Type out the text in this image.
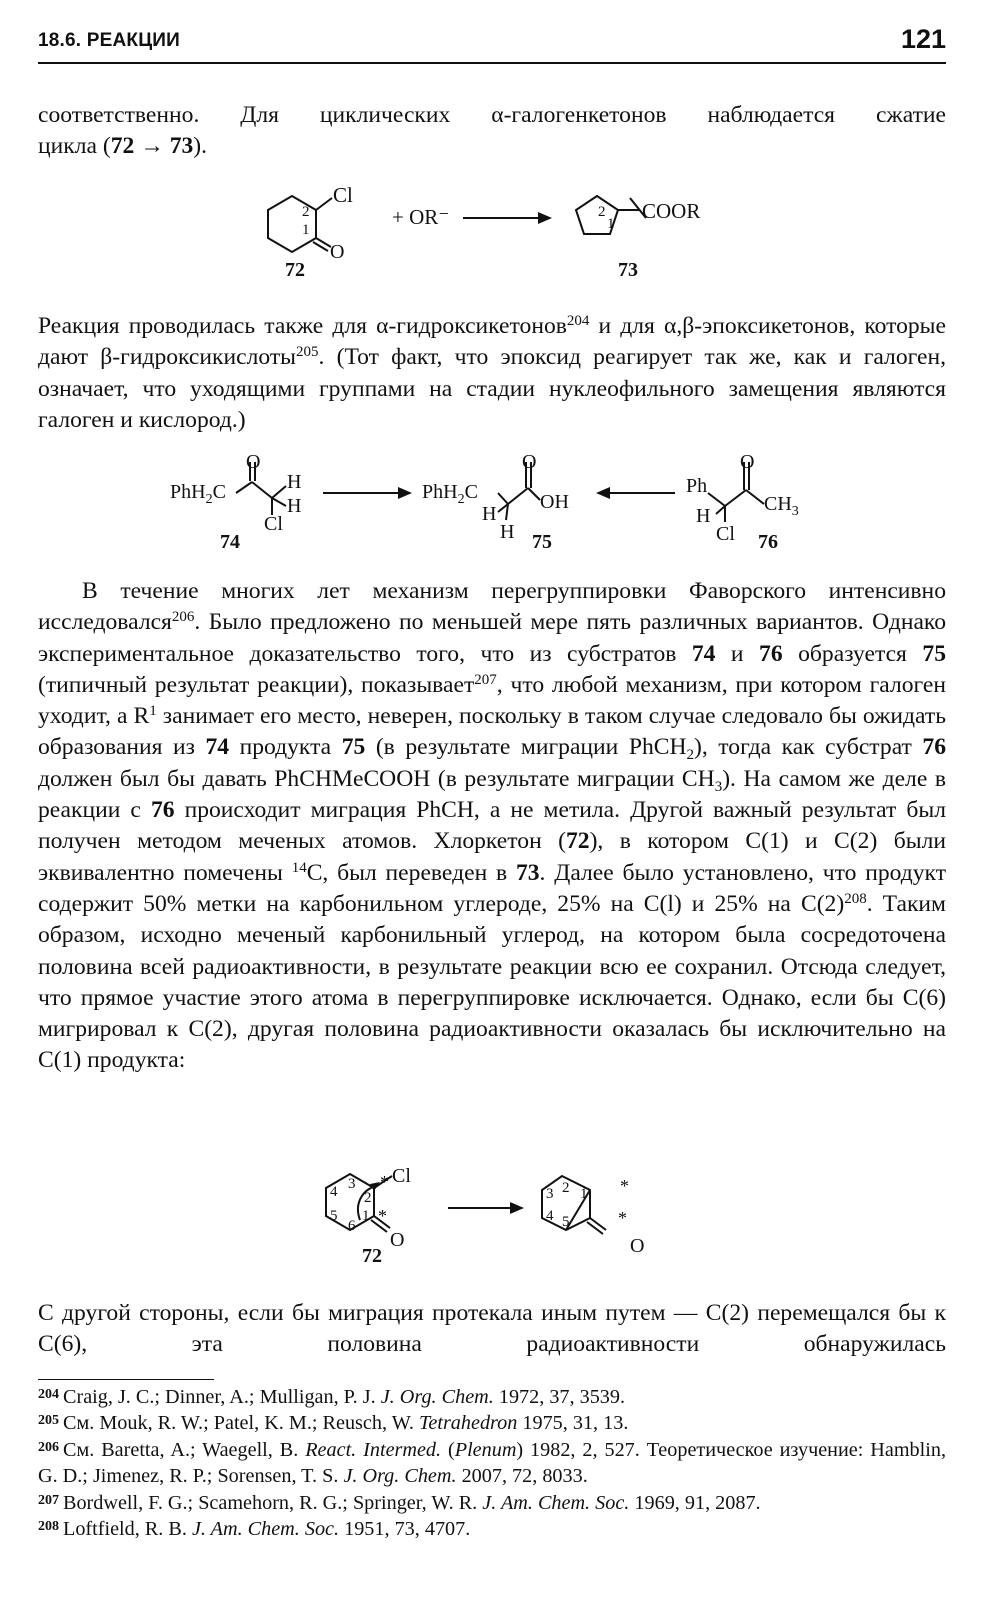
18.6. РЕАКЦИИ	121

соответственно. Для циклических α-галогенкетонов наблюдается сжатие

цикла (72 → 73).

Cl
2
1
O
+ OR⁻
72
2
1
COOR
73

Реакция проводилась также для α-гидроксикетонов$^{204}$ и для α,β-эпоксикетонов, которые дают β-гидроксикислоты$^{205}$. (Тот факт, что эпоксид реагирует так же, как и галоген, означает, что уходящими группами на стадии нуклеофильного замещения являются галоген и кислород.)

O
PhH$_2$C	H
H
Cl
74
O
PhH$_2$C	OH
H
H 75
O
Ph
$CH_3$
H
Cl 76

В течение многих лет механизм перегруппировки Фаворского интенсивно исследовался$^{206}$. Было предложено по меньшей мере пять различных вариантов. Однако экспериментальное доказательство того, что из субстратов 74 и 76 образуется 75 (типичный результат реакции), показывает$^{207}$, что любой механизм, при котором галоген уходит, а $R^1$ занимает его место, неверен, поскольку в таком случае следовало бы ожидать образования из 74 продукта 75 (в результате миграции PhCH$_2$), тогда как субстрат 76 должен был бы давать PhCHMeCOOH (в результате миграции $CH_3$). На самом же деле в реакции с 76 происходит миграция PhCH, а не метила. Другой важный результат был получен методом меченых атомов. Хлоркетон (72), в котором C(1) и C(2) были эквивалентно помечены $^{14}$C, был переведен в 73. Далее было установлено, что продукт содержит 50% метки на карбонильном углероде, 25% на C(l) и 25% на $C(2)^{208}$. Таким образом, исходно меченый карбонильный углерод, на котором была сосредоточена половина всей радиоактивности, в результате реакции всю ее сохранил. Отсюда следует, что прямое участие этого атома в перегруппировке исключается. Однако, если бы C(6) мигрировал к C(2), другая половина радиоактивности оказалась бы исключительно на C(1) продукта:

Cl
*
*
O
4 3
2
5
6
1
72
3 2 1
4 5
*
*
O

С другой стороны, если бы миграция протекала иным путем — C(2) перемещался бы к C(6), эта половина радиоактивности обнаружилась

$^{204}$ Craig, J. C.; Dinner, A.; Mulligan, P. J. J. Org. Chem. 1972, 37, 3539.

$^{205}$ См. Mouk, R. W.; Patel, K. M.; Reusch, W. Tetrahedron 1975, 31, 13.

$^{206}$ См. Baretta, A.; Waegell, B. React. Intermed. (Plenum) 1982, 2, 527. Теоретическое изучение: Hamblin, G. D.; Jimenez, R. P.; Sorensen, T. S. J. Org. Chem. 2007, 72, 8033.

$^{207}$ Bordwell, F. G.; Scamehorn, R. G.; Springer, W. R. J. Am. Chem. Soc. 1969, 91, 2087.

$^{208}$ Loftfield, R. B. J. Am. Chem. Soc. 1951, 73, 4707.
